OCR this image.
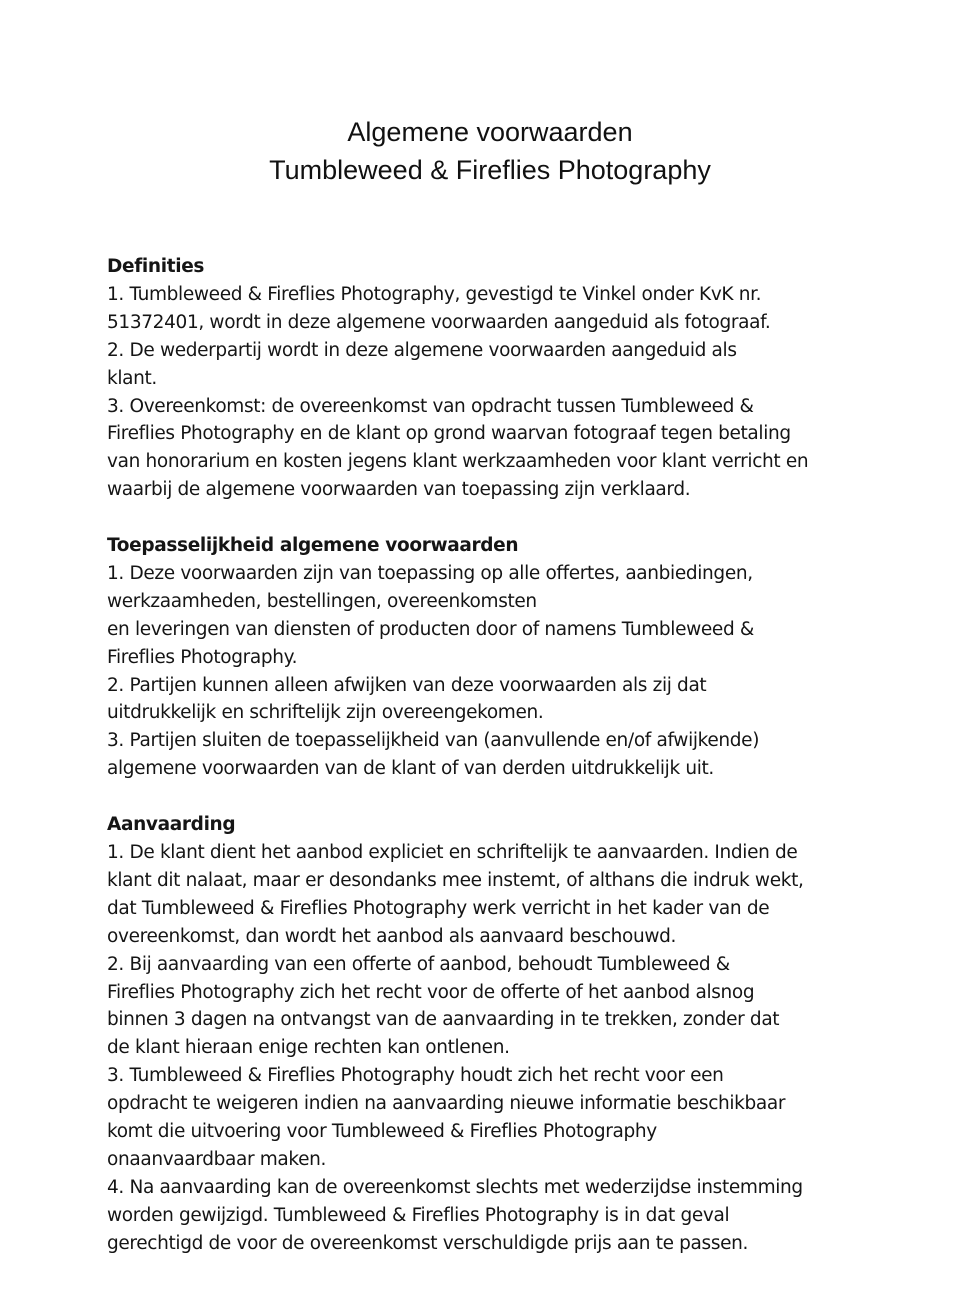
Algemene voorwaarden
Tumbleweed & Fireflies Photography
Definities
1. Tumbleweed & Fireflies Photography, gevestigd te Vinkel onder KvK nr.
51372401, wordt in deze algemene voorwaarden aangeduid als fotograaf.
2. De wederpartij wordt in deze algemene voorwaarden aangeduid als
klant.
3. Overeenkomst: de overeenkomst van opdracht tussen Tumbleweed &
Fireflies Photography en de klant op grond waarvan fotograaf tegen betaling
van honorarium en kosten jegens klant werkzaamheden voor klant verricht en
waarbij de algemene voorwaarden van toepassing zijn verklaard.
Toepasselijkheid algemene voorwaarden
1. Deze voorwaarden zijn van toepassing op alle offertes, aanbiedingen,
werkzaamheden, bestellingen, overeenkomsten
en leveringen van diensten of producten door of namens Tumbleweed &
Fireflies Photography.
2. Partijen kunnen alleen afwijken van deze voorwaarden als zij dat
uitdrukkelijk en schriftelijk zijn overeengekomen.
3. Partijen sluiten de toepasselijkheid van (aanvullende en/of afwijkende)
algemene voorwaarden van de klant of van derden uitdrukkelijk uit.
Aanvaarding
1. De klant dient het aanbod expliciet en schriftelijk te aanvaarden. Indien de
klant dit nalaat, maar er desondanks mee instemt, of althans die indruk wekt,
dat Tumbleweed & Fireflies Photography werk verricht in het kader van de
overeenkomst, dan wordt het aanbod als aanvaard beschouwd.
2. Bij aanvaarding van een offerte of aanbod, behoudt Tumbleweed &
Fireflies Photography zich het recht voor de offerte of het aanbod alsnog
binnen 3 dagen na ontvangst van de aanvaarding in te trekken, zonder dat
de klant hieraan enige rechten kan ontlenen.
3. Tumbleweed & Fireflies Photography houdt zich het recht voor een
opdracht te weigeren indien na aanvaarding nieuwe informatie beschikbaar
komt die uitvoering voor Tumbleweed & Fireflies Photography
onaanvaardbaar maken.
4. Na aanvaarding kan de overeenkomst slechts met wederzijdse instemming
worden gewijzigd. Tumbleweed & Fireflies Photography is in dat geval
gerechtigd de voor de overeenkomst verschuldigde prijs aan te passen.
